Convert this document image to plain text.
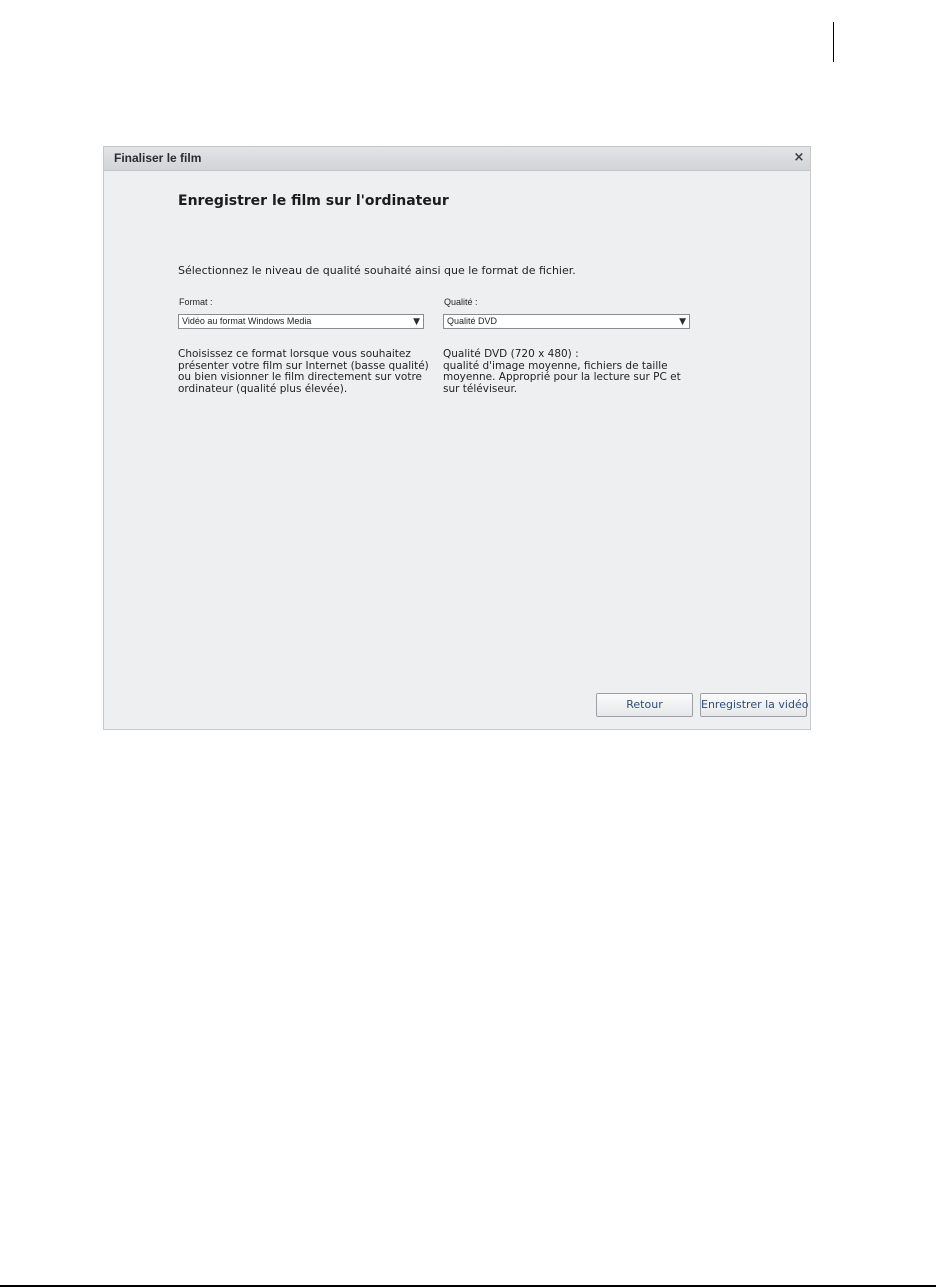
Finaliser le film	×
Enregistrer le film sur l'ordinateur
Sélectionnez le niveau de qualité souhaité ainsi que le format de fichier.
Format :
Vidéo au format Windows Media	▼
Qualité :
Qualité DVD	▼
Choisissez ce format lorsque vous souhaitez
présenter votre film sur Internet (basse qualité)
ou bien visionner le film directement sur votre
ordinateur (qualité plus élevée).
Qualité DVD (720 x 480) :
qualité d'image moyenne, fichiers de taille
moyenne. Approprié pour la lecture sur PC et
sur téléviseur.
Retour	Enregistrer la vidéo
